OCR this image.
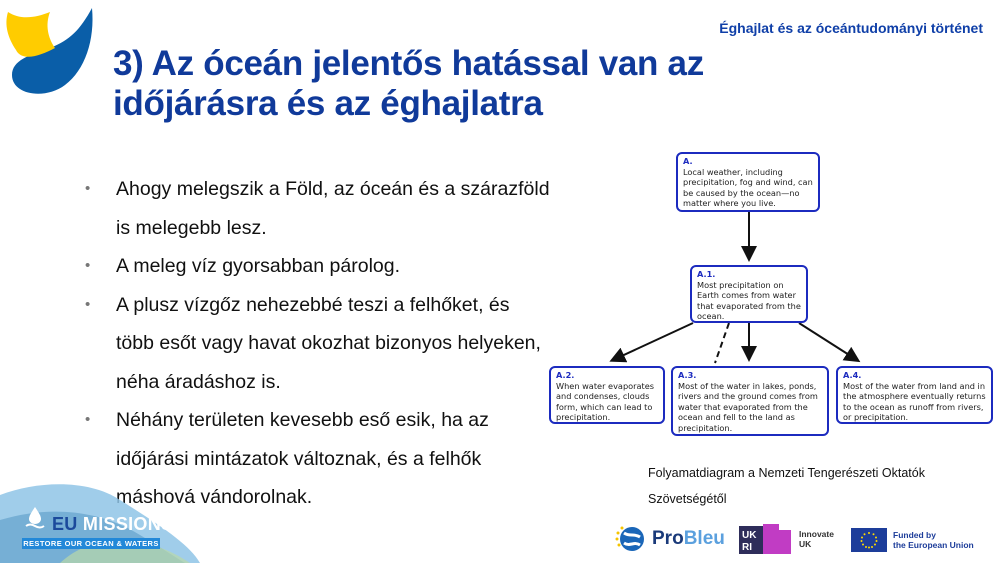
Éghajlat és az óceántudományi történet
3) Az óceán jelentős hatással van az időjárásra és az éghajlatra
• Ahogy melegszik a Föld, az óceán és a szárazföld is melegebb lesz.
• A meleg víz gyorsabban párolog.
• A plusz vízgőz nehezebbé teszi a felhőket, és több esőt vagy havat okozhat bizonyos helyeken, néha áradáshoz is.
• Néhány területen kevesebb eső esik, ha az időjárási mintázatok változnak, és a felhők máshová vándorolnak.
A.
Local weather, including precipitation, fog and wind, can be caused by the ocean—no matter where you live.
A.1.
Most precipitation on Earth comes from water that evaporated from the ocean.
A.2.
When water evaporates and condenses, clouds form, which can lead to precipitation.
A.3.
Most of the water in lakes, ponds, rivers and the ground comes from water that evaporated from the ocean and fell to the land as precipitation.
A.4.
Most of the water from land and in the atmosphere eventually returns to the ocean as runoff from rivers, or precipitation.
Folyamatdiagram a Nemzeti Tengerészeti Oktatók Szövetségétől
EU MISSIONS
RESTORE OUR OCEAN & WATERS	ProBleu UK
RI
Innovate
UK
Funded by
the European Union
